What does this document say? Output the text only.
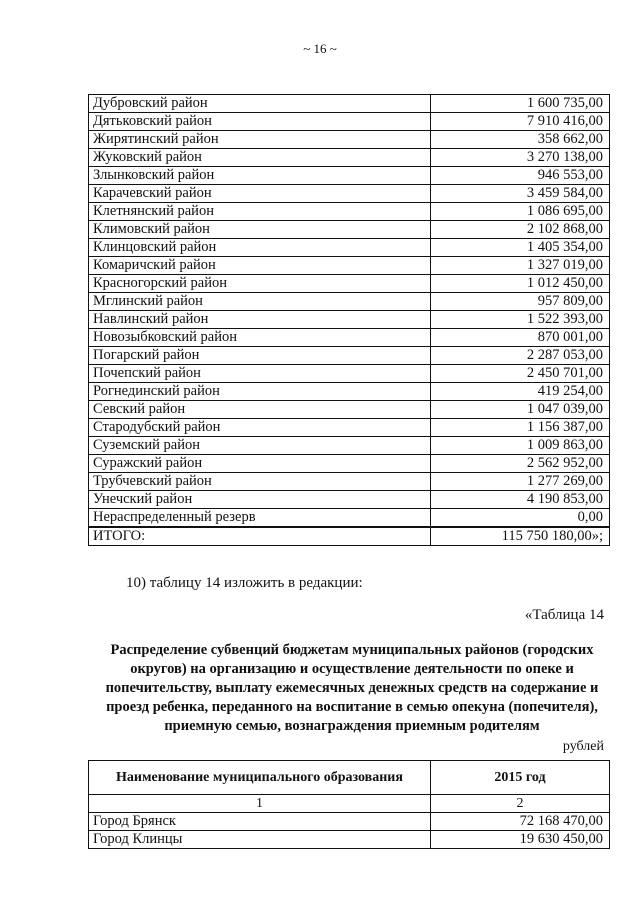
~ 16 ~
Дубровский район	1 600 735,00
Дятьковский район	7 910 416,00
Жирятинский район	358 662,00
Жуковский район	3 270 138,00
Злынковский район	946 553,00
Карачевский район	3 459 584,00
Клетнянский район	1 086 695,00
Климовский район	2 102 868,00
Клинцовский район	1 405 354,00
Комаричский район	1 327 019,00
Красногорский район	1 012 450,00
Мглинский район	957 809,00
Навлинский район	1 522 393,00
Новозыбковский район	870 001,00
Погарский район	2 287 053,00
Почепский район	2 450 701,00
Рогнединский район	419 254,00
Севский район	1 047 039,00
Стародубский район	1 156 387,00
Суземский район	1 009 863,00
Суражский район	2 562 952,00
Трубчевский район	1 277 269,00
Унечский район	4 190 853,00
Нераспределенный резерв	0,00
ИТОГО:	115 750 180,00»;
10) таблицу 14 изложить в редакции:
«Таблица 14
Распределение субвенций бюджетам муниципальных районов (городских
округов) на организацию и осуществление деятельности по опеке и
попечительству, выплату ежемесячных денежных средств на содержание и
проезд ребенка, переданного на воспитание в семью опекуна (попечителя),
приемную семью, вознаграждения приемным родителям
рублей
Наименование муниципального образования	2015 год
1	2
Город Брянск	72 168 470,00
Город Клинцы	19 630 450,00
